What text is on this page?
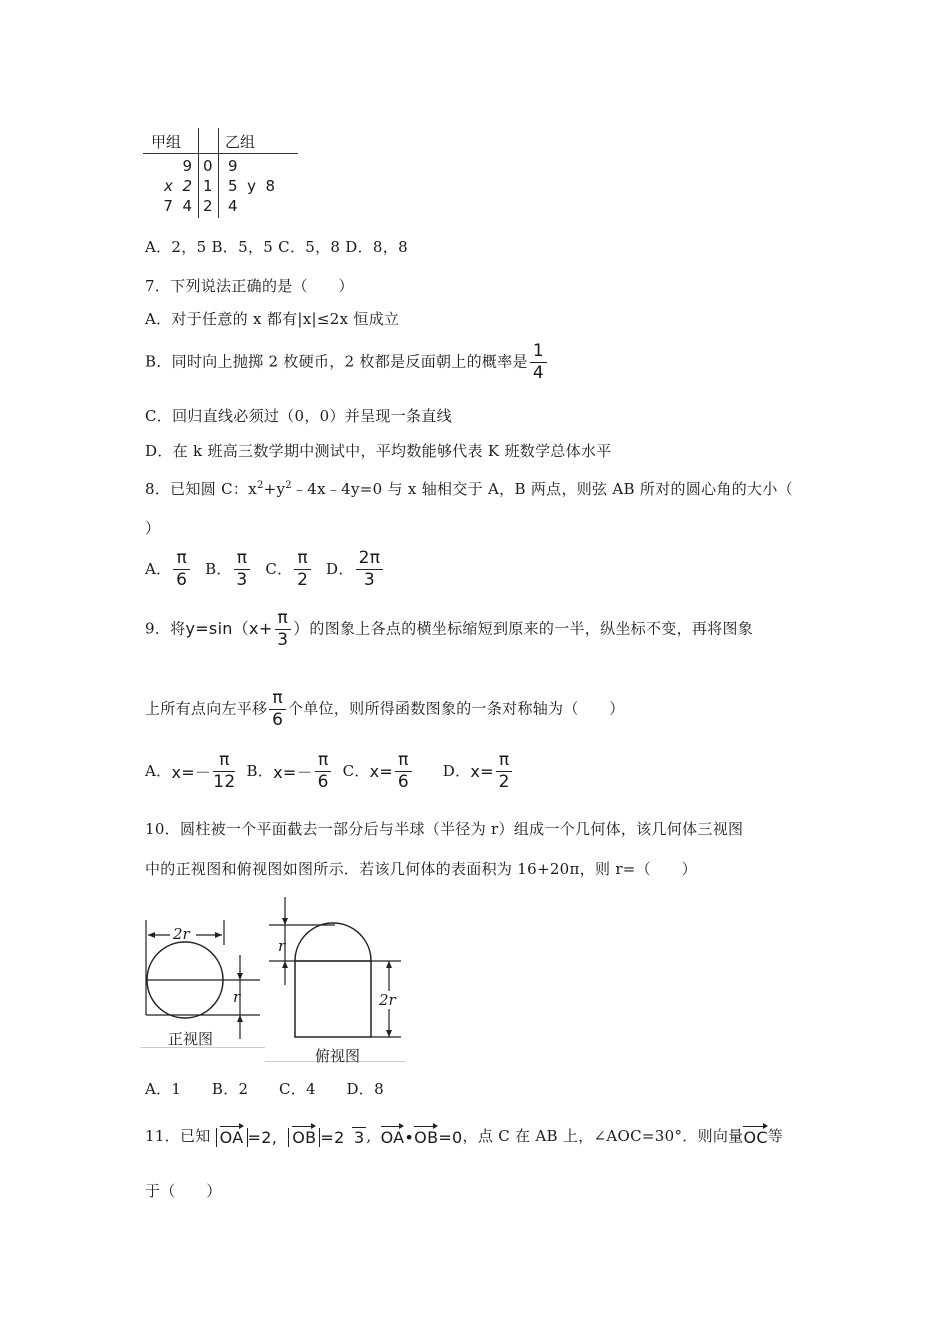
甲组	乙组
9 0 9
x  2 1 5  y  8
7  4 2 4
A．2，5 B．5，5 C．5，8 D．8，8
7．下列说法正确的是（　　）
A．对于任意的 x 都有|x|≤2x 恒成立
B．同时向上抛掷 2 枚硬币，2 枚都是反面朝上的概率是 $\frac{1}{4}$
C．回归直线必须过（0，0）并呈现一条直线
D．在 k 班高三数学期中测试中，平均数能够代表 K 班数学总体水平
8．已知圆 C：$x^2+y^2﹣4x﹣4y=0$ 与 x 轴相交于 A，B 两点，则弦 AB 所对的圆心角的大小（
）
A． $\frac{\pi}{6}$ B． $\frac{\pi}{3}$ C． $\frac{\pi}{2}$ D． $\frac{2\pi}{3}$
9．将$y=\sin(x+ \frac{\pi}{3}$ ）的图象上各点的横坐标缩短到原来的一半，纵坐标不变，再将图象
上所有点向左平移 $\frac{\pi}{6}$ 个单位，则所得函数图象的一条对称轴为（　　）
A．$x=- \frac{\pi}{12}$ B．$x=- \frac{\pi}{6}$ C．$x= \frac{\pi}{6}$ D．$x= \frac{\pi}{2}$
10．圆柱被一个平面截去一部分后与半球（半径为 r）组成一个几何体，该几何体三视图
中的正视图和俯视图如图所示．若该几何体的表面积为 16+20π，则 r=（　　）
2r
r
正视图
r
2r
俯视图
A．1　　B．2　　C．4　　D．8
11．已知 OA =2, OB =2 3 , OA•OB=0，点 C 在 AB 上，∠AOC=30°．则向量OC等
于（　　）
